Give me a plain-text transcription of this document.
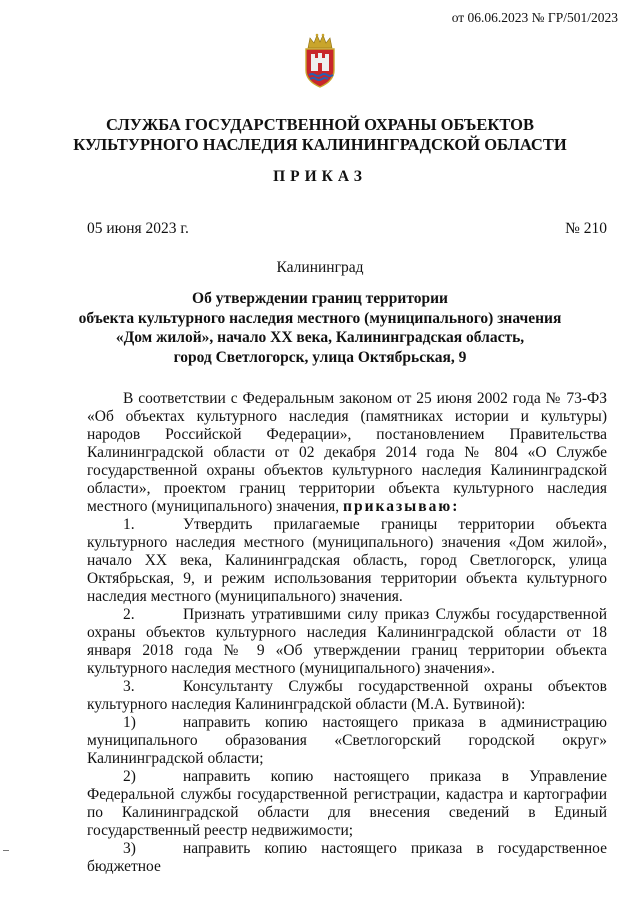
от 06.06.2023 № ГР/501/2023
СЛУЖБА ГОСУДАРСТВЕННОЙ ОХРАНЫ ОБЪЕКТОВ
КУЛЬТУРНОГО НАСЛЕДИЯ КАЛИНИНГРАДСКОЙ ОБЛАСТИ
ПРИКАЗ
05 июня 2023 г.	№ 210
Калининград
Об утверждении границ территории
объекта культурного наследия местного (муниципального) значения
«Дом жилой», начало XX века, Калининградская область,
город Светлогорск, улица Октябрьская, 9

В соответствии с Федеральным законом от 25 июня 2002 года № 73-ФЗ «Об объектах культурного наследия (памятниках истории и культуры) народов Российской Федерации», постановлением Правительства Калининградской области от 02 декабря 2014 года № 804 «О Службе государственной охраны объектов культурного наследия Калининградской области», проектом границ территории объекта культурного наследия местного (муниципального) значения, приказываю:

1.	Утвердить прилагаемые границы территории объекта культурного наследия местного (муниципального) значения «Дом жилой», начало XX века, Калининградская область, город Светлогорск, улица Октябрьская, 9, и режим использования территории объекта культурного наследия местного (муниципального) значения.

2.	Признать утратившими силу приказ Службы государственной охраны объектов культурного наследия Калининградской области от 18 января 2018 года № 9 «Об утверждении границ территории объекта культурного наследия местного (муниципального) значения».

3.	Консультанту Службы государственной охраны объектов культурного наследия Калининградской области (М.А. Бутвиной):

1)	направить копию настоящего приказа в администрацию муниципального образования «Светлогорский городской округ» Калининградской области;

2)	направить копию настоящего приказа в Управление Федеральной службы государственной регистрации, кадастра и картографии по Калининградской области для внесения сведений в Единый государственный реестр недвижимости;

3)	направить копию настоящего приказа в государственное бюджетное
